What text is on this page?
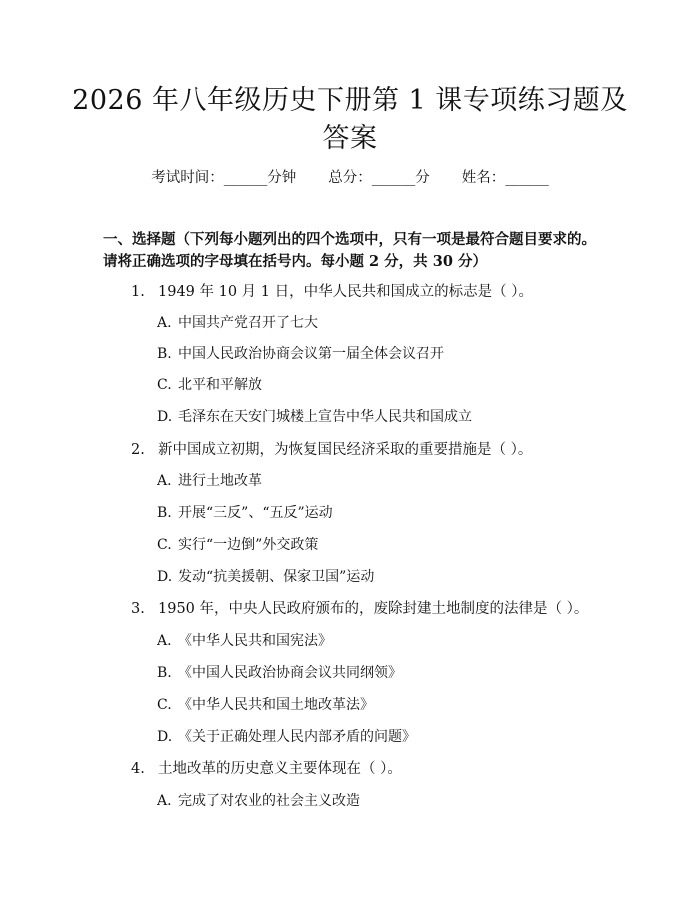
2026 年八年级历史下册第 1 课专项练习题及答案
考试时间：______分钟 总分：______分 姓名：______
一、选择题（下列每小题列出的四个选项中，只有一项是最符合题目要求的。请将正确选项的字母填在括号内。每小题 2 分，共 30 分）
1. 1949 年 10 月 1 日，中华人民共和国成立的标志是（ ）。
A. 中国共产党召开了七大
B. 中国人民政治协商会议第一届全体会议召开
C. 北平和平解放
D. 毛泽东在天安门城楼上宣告中华人民共和国成立
2. 新中国成立初期，为恢复国民经济采取的重要措施是（ ）。
A. 进行土地改革
B. 开展“三反”、“五反”运动
C. 实行“一边倒”外交政策
D. 发动“抗美援朝、保家卫国”运动
3. 1950 年，中央人民政府颁布的，废除封建土地制度的法律是（ ）。
A. 《中华人民共和国宪法》
B. 《中国人民政治协商会议共同纲领》
C. 《中华人民共和国土地改革法》
D. 《关于正确处理人民内部矛盾的问题》
4. 土地改革的历史意义主要体现在（ ）。
A. 完成了对农业的社会主义改造
